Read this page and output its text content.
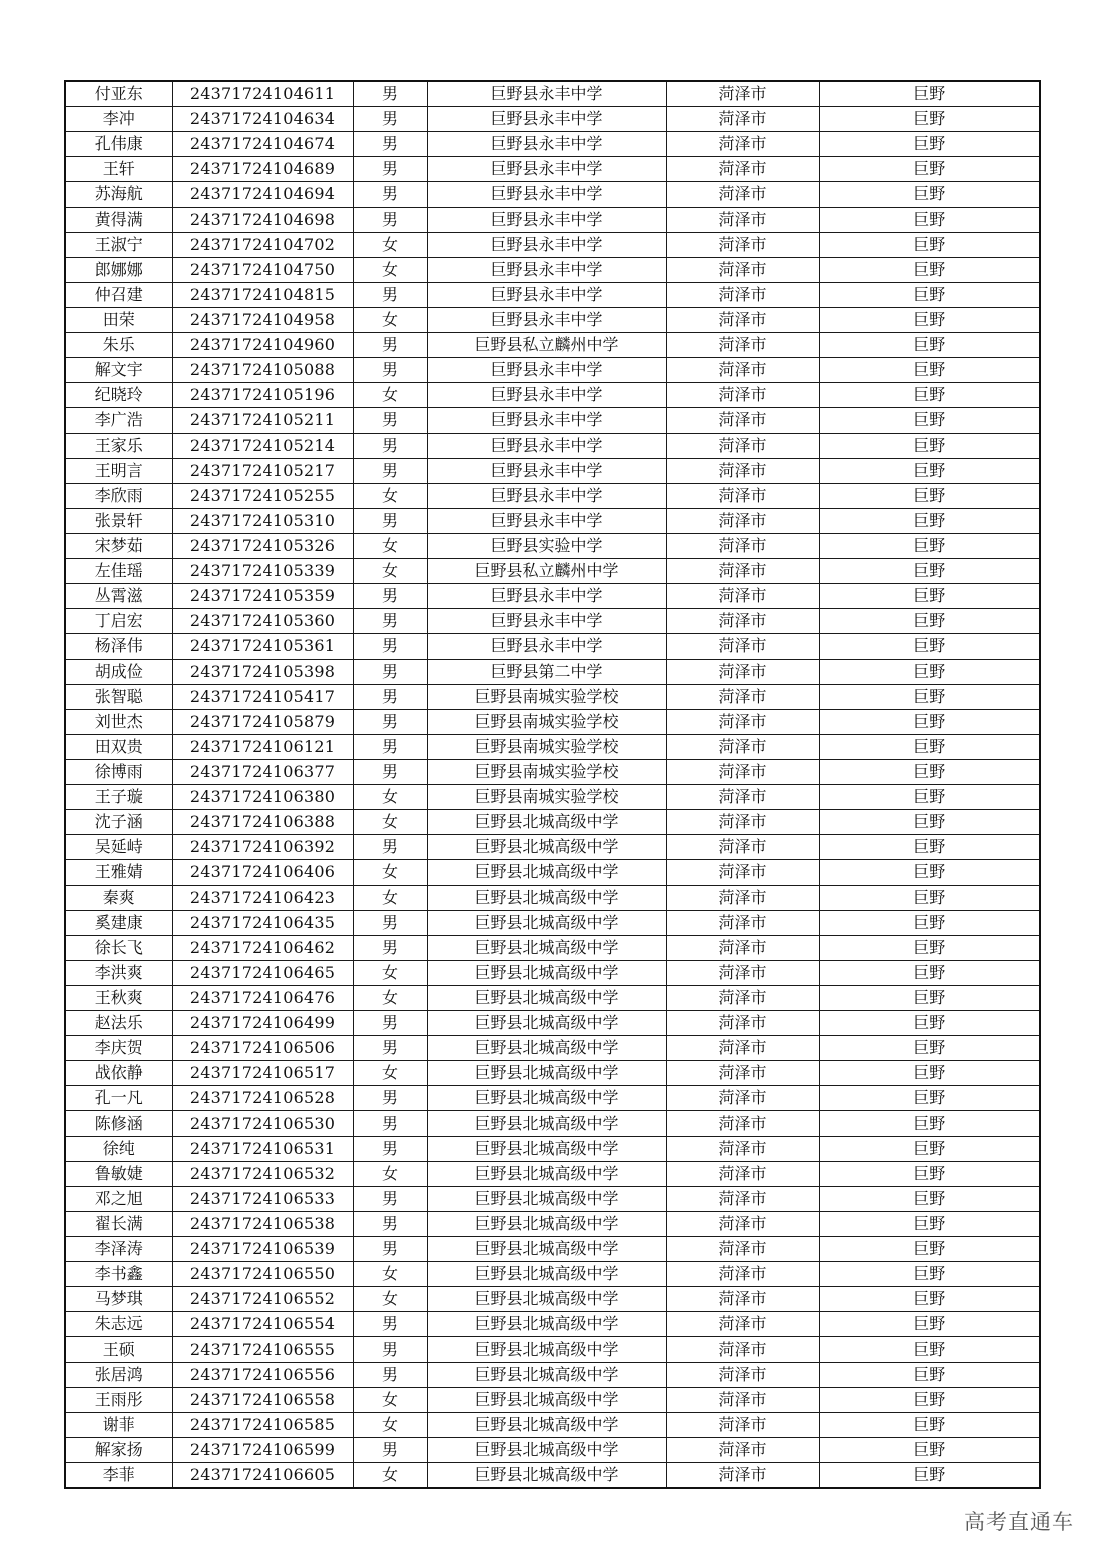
付亚东	24371724104611	男	巨野县永丰中学	菏泽市	巨野
李冲	24371724104634	男	巨野县永丰中学	菏泽市	巨野
孔伟康	24371724104674	男	巨野县永丰中学	菏泽市	巨野
王轩	24371724104689	男	巨野县永丰中学	菏泽市	巨野
苏海航	24371724104694	男	巨野县永丰中学	菏泽市	巨野
黄得满	24371724104698	男	巨野县永丰中学	菏泽市	巨野
王淑宁	24371724104702	女	巨野县永丰中学	菏泽市	巨野
郎娜娜	24371724104750	女	巨野县永丰中学	菏泽市	巨野
仲召建	24371724104815	男	巨野县永丰中学	菏泽市	巨野
田荣	24371724104958	女	巨野县永丰中学	菏泽市	巨野
朱乐	24371724104960	男	巨野县私立麟州中学	菏泽市	巨野
解文宇	24371724105088	男	巨野县永丰中学	菏泽市	巨野
纪晓玲	24371724105196	女	巨野县永丰中学	菏泽市	巨野
李广浩	24371724105211	男	巨野县永丰中学	菏泽市	巨野
王家乐	24371724105214	男	巨野县永丰中学	菏泽市	巨野
王明言	24371724105217	男	巨野县永丰中学	菏泽市	巨野
李欣雨	24371724105255	女	巨野县永丰中学	菏泽市	巨野
张景轩	24371724105310	男	巨野县永丰中学	菏泽市	巨野
宋梦茹	24371724105326	女	巨野县实验中学	菏泽市	巨野
左佳瑶	24371724105339	女	巨野县私立麟州中学	菏泽市	巨野
丛霄滋	24371724105359	男	巨野县永丰中学	菏泽市	巨野
丁启宏	24371724105360	男	巨野县永丰中学	菏泽市	巨野
杨泽伟	24371724105361	男	巨野县永丰中学	菏泽市	巨野
胡成俭	24371724105398	男	巨野县第二中学	菏泽市	巨野
张智聪	24371724105417	男	巨野县南城实验学校	菏泽市	巨野
刘世杰	24371724105879	男	巨野县南城实验学校	菏泽市	巨野
田双贵	24371724106121	男	巨野县南城实验学校	菏泽市	巨野
徐博雨	24371724106377	男	巨野县南城实验学校	菏泽市	巨野
王子璇	24371724106380	女	巨野县南城实验学校	菏泽市	巨野
沈子涵	24371724106388	女	巨野县北城高级中学	菏泽市	巨野
吴延峙	24371724106392	男	巨野县北城高级中学	菏泽市	巨野
王雅婧	24371724106406	女	巨野县北城高级中学	菏泽市	巨野
秦爽	24371724106423	女	巨野县北城高级中学	菏泽市	巨野
奚建康	24371724106435	男	巨野县北城高级中学	菏泽市	巨野
徐长飞	24371724106462	男	巨野县北城高级中学	菏泽市	巨野
李洪爽	24371724106465	女	巨野县北城高级中学	菏泽市	巨野
王秋爽	24371724106476	女	巨野县北城高级中学	菏泽市	巨野
赵法乐	24371724106499	男	巨野县北城高级中学	菏泽市	巨野
李庆贺	24371724106506	男	巨野县北城高级中学	菏泽市	巨野
战依静	24371724106517	女	巨野县北城高级中学	菏泽市	巨野
孔一凡	24371724106528	男	巨野县北城高级中学	菏泽市	巨野
陈修涵	24371724106530	男	巨野县北城高级中学	菏泽市	巨野
徐纯	24371724106531	男	巨野县北城高级中学	菏泽市	巨野
鲁敏婕	24371724106532	女	巨野县北城高级中学	菏泽市	巨野
邓之旭	24371724106533	男	巨野县北城高级中学	菏泽市	巨野
翟长满	24371724106538	男	巨野县北城高级中学	菏泽市	巨野
李泽涛	24371724106539	男	巨野县北城高级中学	菏泽市	巨野
李书鑫	24371724106550	女	巨野县北城高级中学	菏泽市	巨野
马梦琪	24371724106552	女	巨野县北城高级中学	菏泽市	巨野
朱志远	24371724106554	男	巨野县北城高级中学	菏泽市	巨野
王硕	24371724106555	男	巨野县北城高级中学	菏泽市	巨野
张居鸿	24371724106556	男	巨野县北城高级中学	菏泽市	巨野
王雨彤	24371724106558	女	巨野县北城高级中学	菏泽市	巨野
谢菲	24371724106585	女	巨野县北城高级中学	菏泽市	巨野
解家扬	24371724106599	男	巨野县北城高级中学	菏泽市	巨野
李菲	24371724106605	女	巨野县北城高级中学	菏泽市	巨野
高考直通车
